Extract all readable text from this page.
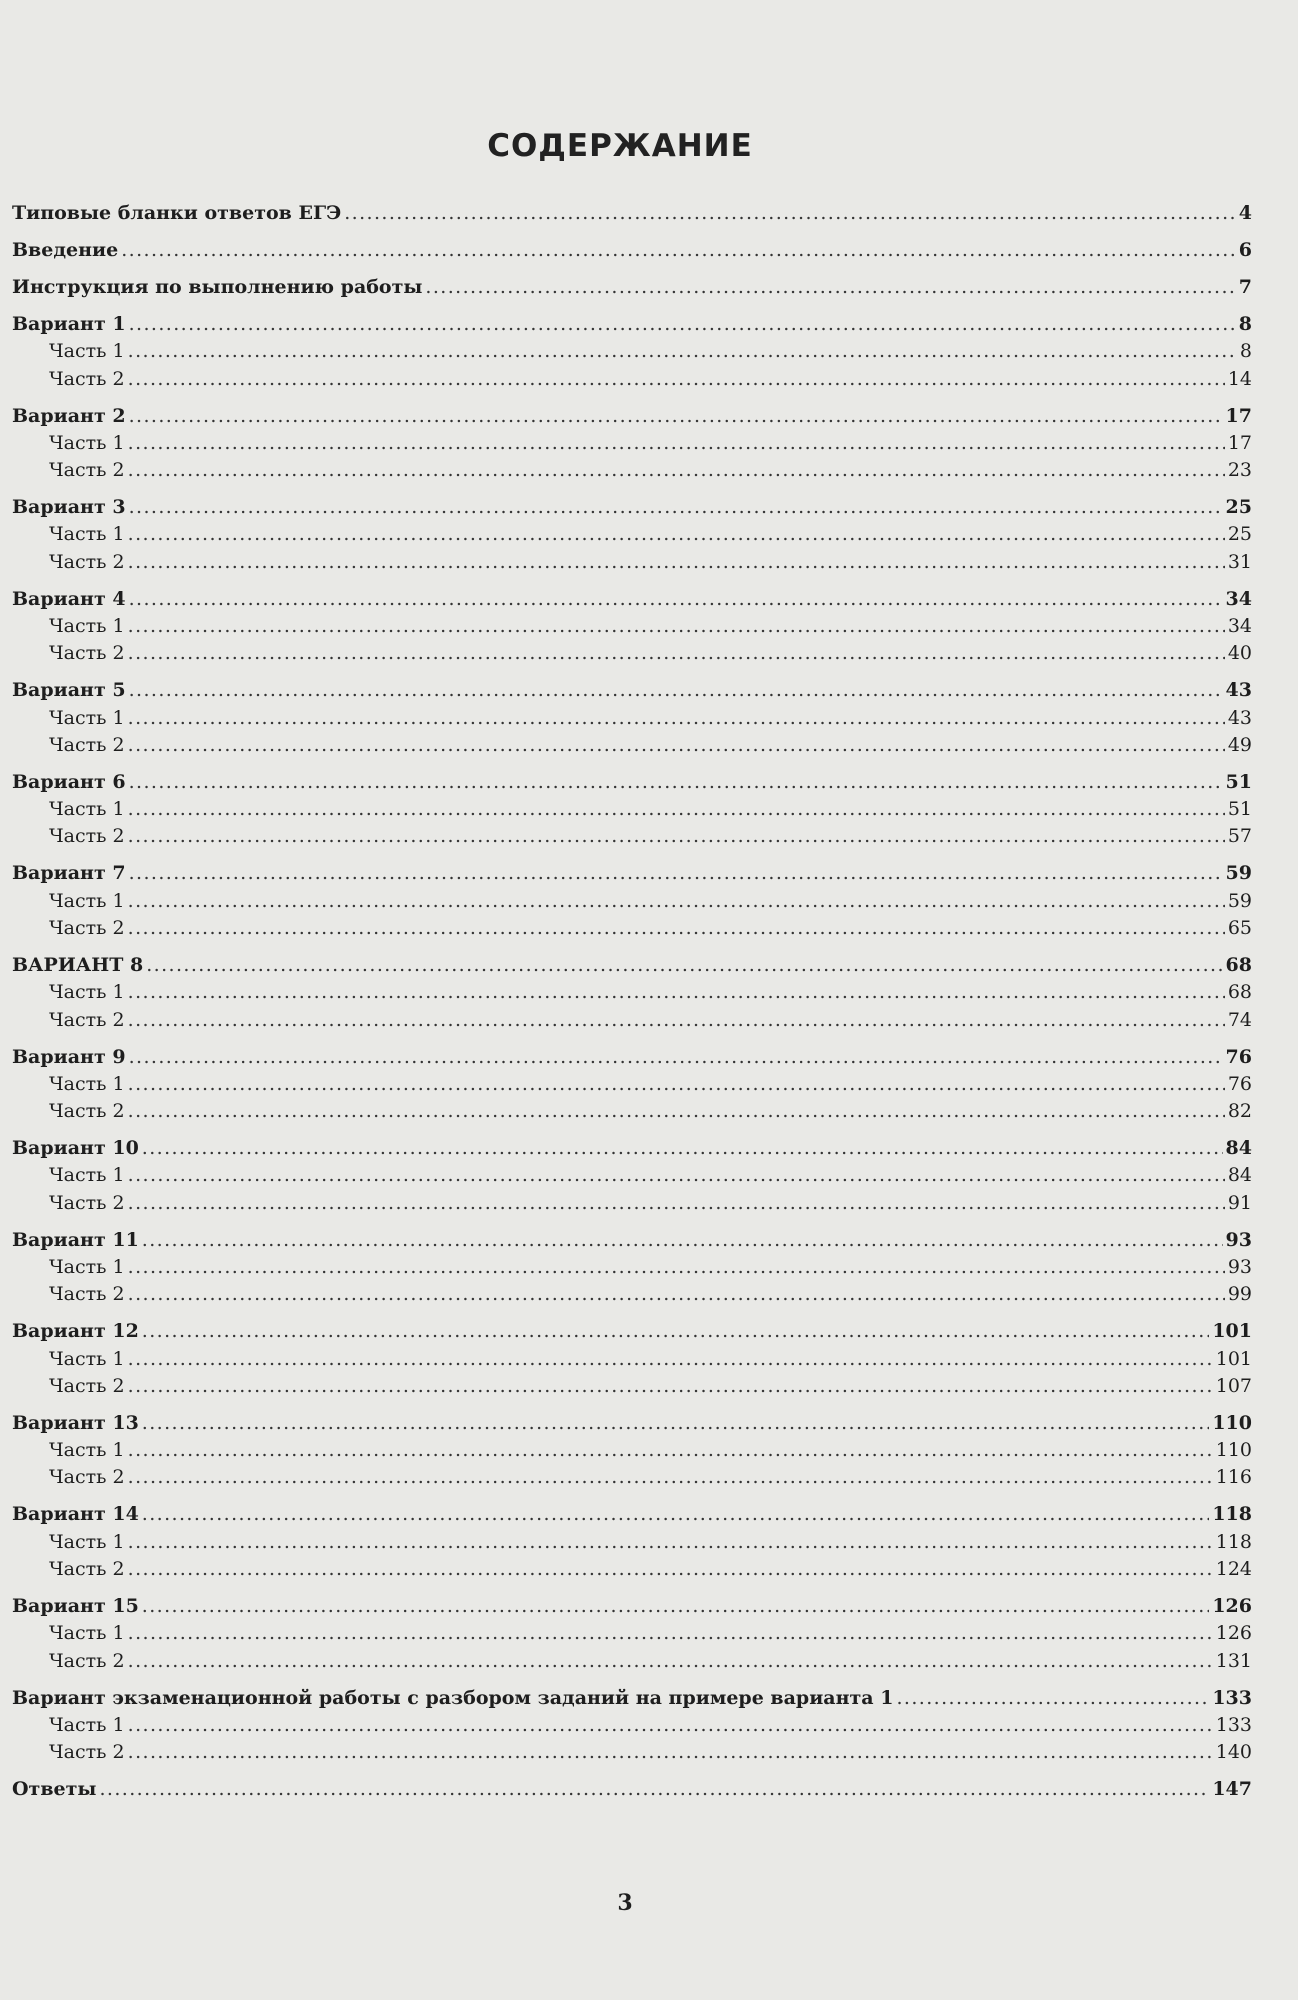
СОДЕРЖАНИЕ
Типовые бланки ответов ЕГЭ .....	4
Введение .....	6
Инструкция по выполнению работы .....	7
Вариант 1 .....	8
Часть 1 .....	8
Часть 2 .....	14
Вариант 2 .....	17
Часть 1 .....	17
Часть 2 .....	23
Вариант 3 .....	25
Часть 1 .....	25
Часть 2 .....	31
Вариант 4 .....	34
Часть 1 .....	34
Часть 2 .....	40
Вариант 5 .....	43
Часть 1 .....	43
Часть 2 .....	49
Вариант 6 .....	51
Часть 1 .....	51
Часть 2 .....	57
Вариант 7 .....	59
Часть 1 .....	59
Часть 2 .....	65
ВАРИАНТ 8 .....	68
Часть 1 .....	68
Часть 2 .....	74
Вариант 9 .....	76
Часть 1 .....	76
Часть 2 .....	82
Вариант 10 .....	84
Часть 1 .....	84
Часть 2 .....	91
Вариант 11 .....	93
Часть 1 .....	93
Часть 2 .....	99
Вариант 12 .....	101
Часть 1 .....	101
Часть 2 .....	107
Вариант 13 .....	110
Часть 1 .....	110
Часть 2 .....	116
Вариант 14 .....	118
Часть 1 .....	118
Часть 2 .....	124
Вариант 15 .....	126
Часть 1 .....	126
Часть 2 .....	131
Вариант экзаменационной работы с разбором заданий на примере варианта 1 .....	133
Часть 1 .....	133
Часть 2 .....	140
Ответы .....	147
3
